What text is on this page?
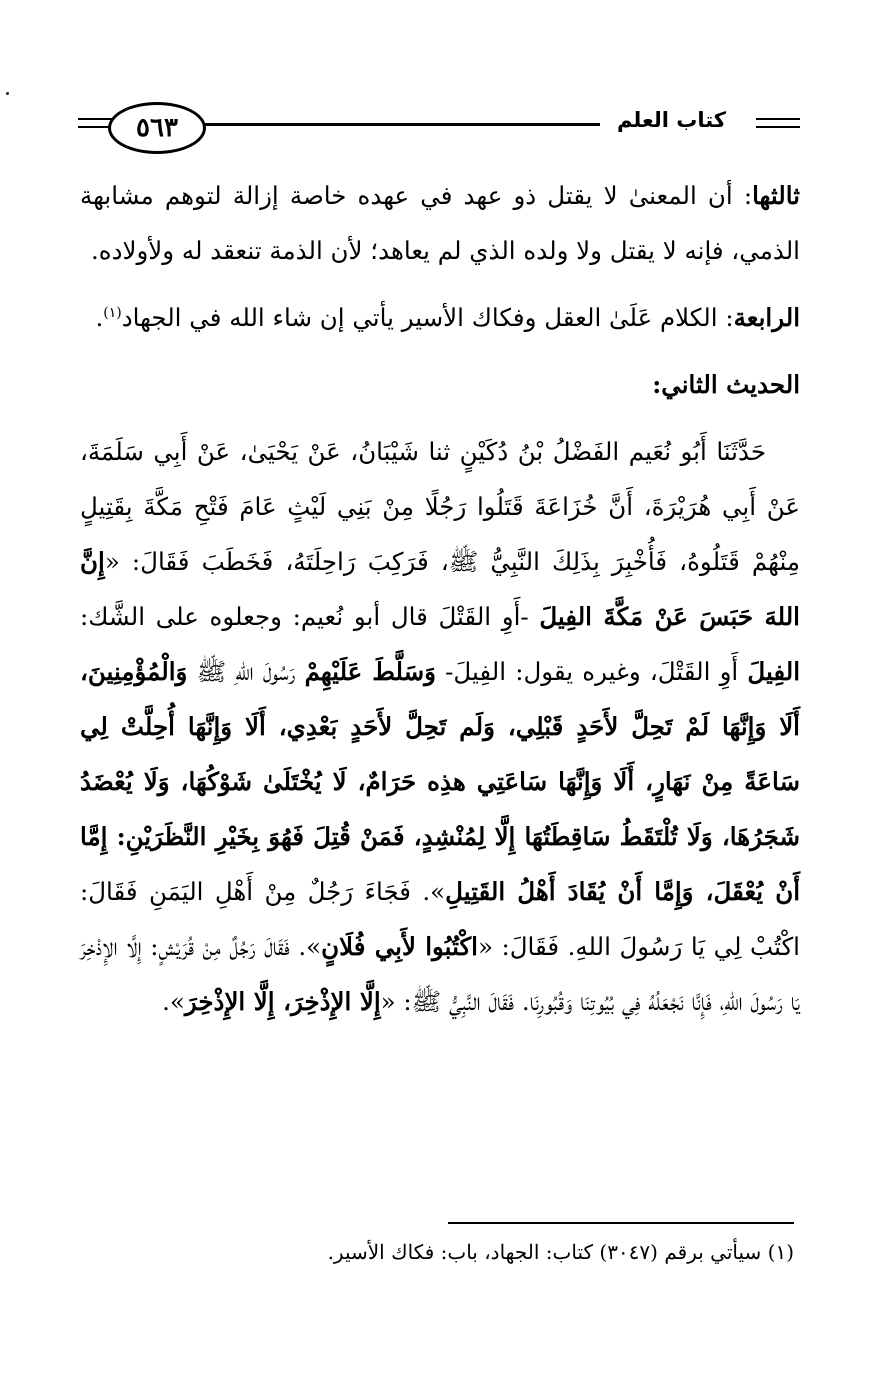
٥٦٣	كتاب العلم

ثالثها: أن المعنىٰ لا يقتل ذو عهد في عهده خاصة إزالة لتوهم مشابهة الذمي، فإنه لا يقتل ولا ولده الذي لم يعاهد؛ لأن الذمة تنعقد له ولأولاده.

الرابعة: الكلام عَلَىٰ العقل وفكاك الأسير يأتي إن شاء الله في الجهاد$^{(١)}$.

الحديث الثاني:

حَدَّثَنَا أَبُو نُعَيم الفَضْلُ بْنُ دُكَيْنٍ ثنا شَيْبَانُ، عَنْ يَحْيَىٰ، عَنْ أَبِي سَلَمَةَ، عَنْ أَبِي هُرَيْرَةَ، أَنَّ خُزَاعَةَ قَتَلُوا رَجُلًا مِنْ بَنِي لَيْثٍ عَامَ فَتْحِ مَكَّةَ بِقَتِيلٍ مِنْهُمْ قَتَلُوهُ، فَأُخْبِرَ بِذَلِكَ النَّبِيُّ ﷺ، فَرَكِبَ رَاحِلَتَهُ، فَخَطَبَ فَقَالَ: «إِنَّ اللهَ حَبَسَ عَنْ مَكَّةَ الفِيلَ -أَوِ القَتْلَ قال أبو نُعيم: وجعلوه على الشَّك: الفِيلَ أَوِ القَتْلَ، وغيره يقول: الفِيلَ- وَسَلَّطَ عَلَيْهِمْ رَسُولَ اللهِ ﷺ وَالْمُؤْمِنِينَ، أَلَا وَإِنَّهَا لَمْ تَحِلَّ لأَحَدٍ قَبْلِي، وَلَم تَحِلَّ لأَحَدٍ بَعْدِي، أَلَا وَإِنَّهَا أُحِلَّتْ لِي سَاعَةً مِنْ نَهَارٍ، أَلَا وَإِنَّهَا سَاعَتِي هذِه حَرَامٌ، لَا يُخْتَلَىٰ شَوْكُهَا، وَلَا يُعْضَدُ شَجَرُهَا، وَلَا تُلْتَقَطُ سَاقِطَتُهَا إِلَّا لِمُنْشِدٍ، فَمَنْ قُتِلَ فَهُوَ بِخَيْرِ النَّظَرَيْنِ: إِمَّا أَنْ يُعْقَلَ، وَإِمَّا أَنْ يُقَادَ أَهْلُ القَتِيلِ». فَجَاءَ رَجُلٌ مِنْ أَهْلِ اليَمَنِ فَقَالَ: اكْتُبْ لِي يَا رَسُولَ اللهِ. فَقَالَ: «اكْتُبُوا لأَبِي فُلَانٍ». فَقَالَ رَجُلٌ مِنْ قُرَيْشٍ: إِلَّا الإِذْخِرَ يَا رَسُولَ اللهِ، فَإِنَّا نَجْعَلُهُ فِي بُيُوتِنَا وَقُبُورِنَا. فَقَالَ النَّبِيُّ ﷺ: «إِلَّا الإِذْخِرَ، إِلَّا الإِذْخِرَ».

(١) سيأتي برقم (٣٠٤٧) كتاب: الجهاد، باب: فكاك الأسير.
